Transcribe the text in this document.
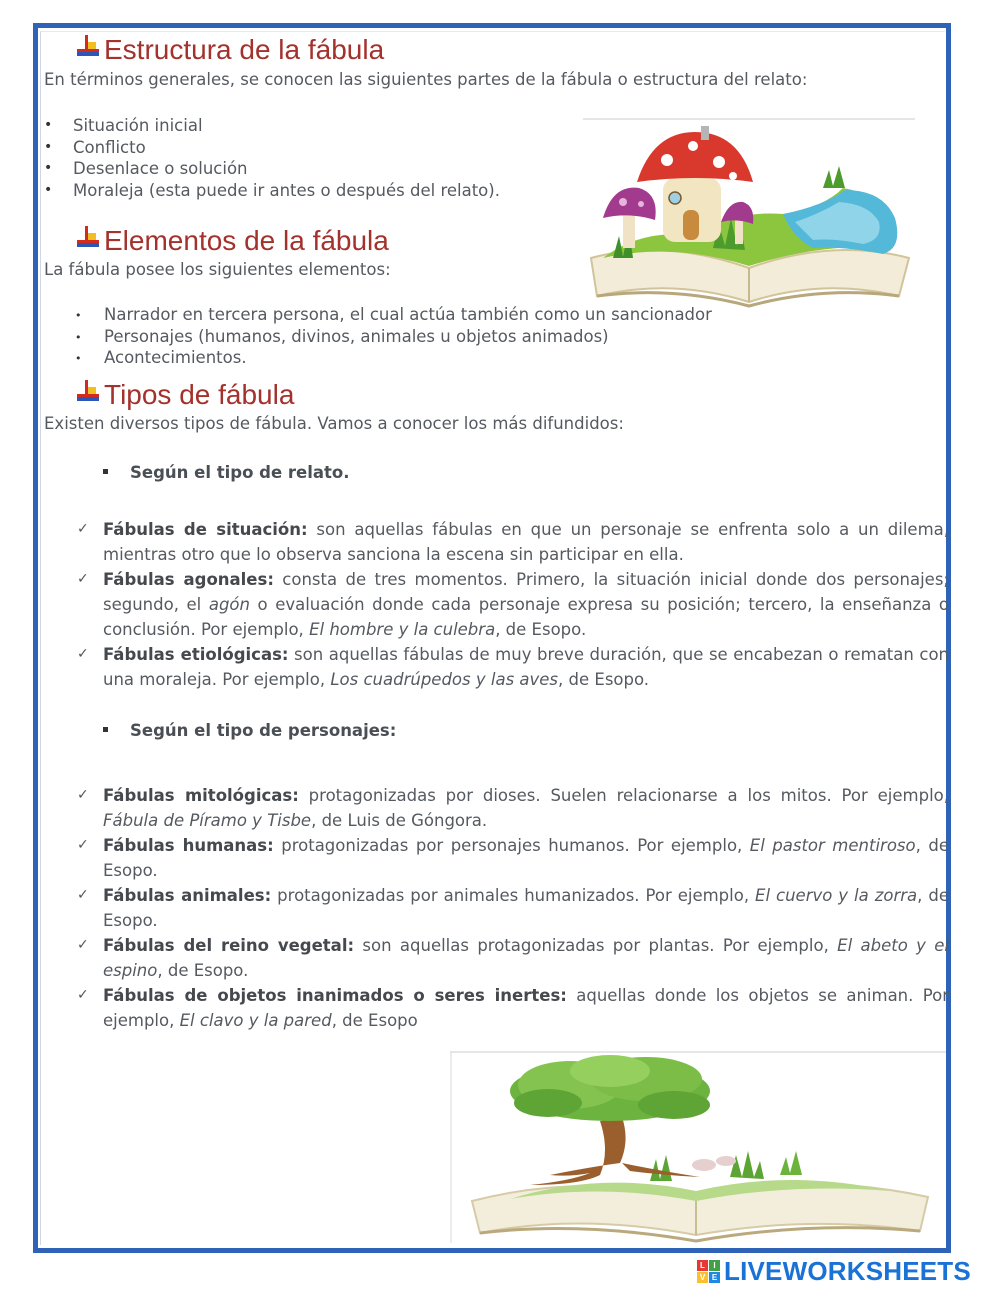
Estructura de la fábula
En términos generales, se conocen las siguientes partes de la fábula o estructura del relato:
• Situación inicial
• Conflicto
• Desenlace o solución
• Moraleja (esta puede ir antes o después del relato).
Elementos de la fábula
La fábula posee los siguientes elementos:
• Narrador en tercera persona, el cual actúa también como un sancionador
• Personajes (humanos, divinos, animales u objetos animados)
• Acontecimientos.
Tipos de fábula
Existen diversos tipos de fábula. Vamos a conocer los más difundidos:
Según el tipo de relato.
✓ Fábulas de situación: son aquellas fábulas en que un personaje se enfrenta solo a un dilema, mientras otro que lo observa sanciona la escena sin participar en ella.
✓ Fábulas agonales: consta de tres momentos. Primero, la situación inicial donde dos personajes; segundo, el agón o evaluación donde cada personaje expresa su posición; tercero, la enseñanza o conclusión. Por ejemplo, El hombre y la culebra, de Esopo.
✓ Fábulas etiológicas: son aquellas fábulas de muy breve duración, que se encabezan o rematan con una moraleja. Por ejemplo, Los cuadrúpedos y las aves, de Esopo.
Según el tipo de personajes:
✓ Fábulas mitológicas: protagonizadas por dioses. Suelen relacionarse a los mitos. Por ejemplo, Fábula de Píramo y Tisbe, de Luis de Góngora.
✓ Fábulas humanas: protagonizadas por personajes humanos. Por ejemplo, El pastor mentiroso, de Esopo.
✓ Fábulas animales: protagonizadas por animales humanizados. Por ejemplo, El cuervo y la zorra, de Esopo.
✓ Fábulas del reino vegetal: son aquellas protagonizadas por plantas. Por ejemplo, El abeto y el espino, de Esopo.
✓ Fábulas de objetos inanimados o seres inertes: aquellas donde los objetos se animan. Por ejemplo, El clavo y la pared, de Esopo
L	I
V E LIVEWORKSHEETS
